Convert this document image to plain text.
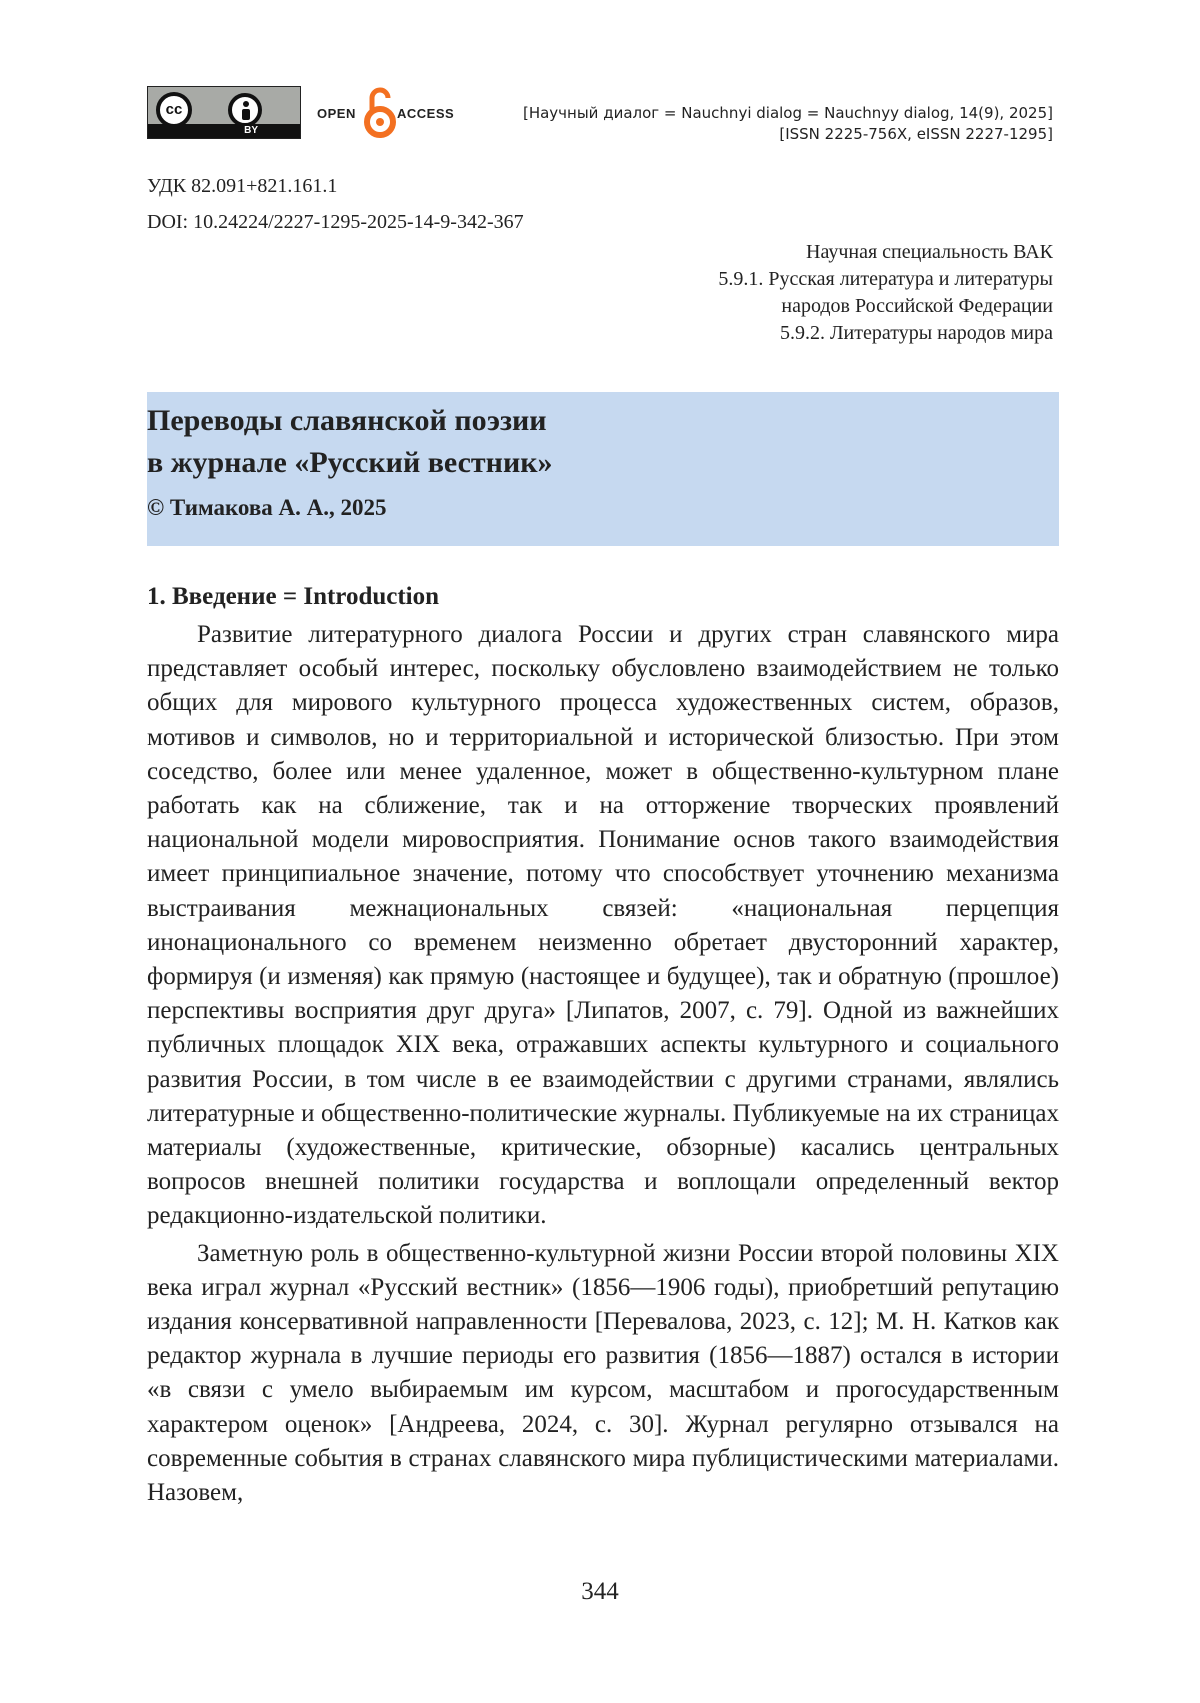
cc
BY
OPEN	ACCESS	[Научный диалог = Nauchnyi dialog = Nauchnyy dialog, 14(9), 2025]
[ISSN 2225-756X, eISSN 2227-1295]
УДК 82.091+821.161.1
DOI: 10.24224/2227-1295-2025-14-9-342-367
Научная специальность ВАК
5.9.1. Русская литература и литературы
народов Российской Федерации
5.9.2. Литературы народов мира
Переводы славянской поэзии
в журнале «Русский вестник»
© Тимакова А. А., 2025
1. Введение = Introduction

Развитие литературного диалога России и других стран славянского мира представляет особый интерес, поскольку обусловлено взаимодействием не только общих для мирового культурного процесса художественных систем, образов, мотивов и символов, но и территориальной и исторической близостью. При этом соседство, более или менее удаленное, может в общественно-культурном плане работать как на сближение, так и на отторжение творческих проявлений национальной модели мировосприятия. Понимание основ такого взаимодействия имеет принципиальное значение, потому что способствует уточнению механизма выстраивания межнациональных связей: «национальная перцепция инонационального со временем неизменно обретает двусторонний характер, формируя (и изменяя) как прямую (настоящее и будущее), так и обратную (прошлое) перспективы восприятия друг друга» [Липатов, 2007, с. 79]. Одной из важнейших публичных площадок XIX века, отражавших аспекты культурного и социального развития России, в том числе в ее взаимодействии с другими странами, являлись литературные и общественно-политические журналы. Публикуемые на их страницах материалы (художественные, критические, обзорные) касались центральных вопросов внешней политики государства и воплощали определенный вектор редакционно-издательской политики.

Заметную роль в общественно-культурной жизни России второй половины XIX века играл журнал «Русский вестник» (1856—1906 годы), приобретший репутацию издания консервативной направленности [Перевалова, 2023, с. 12]; М. Н. Катков как редактор журнала в лучшие периоды его развития (1856—1887) остался в истории «в связи с умело выбираемым им курсом, масштабом и прогосударственным характером оценок» [Андреева, 2024, с. 30]. Журнал регулярно отзывался на современные события в странах славянского мира публицистическими материалами. Назовем,

344
